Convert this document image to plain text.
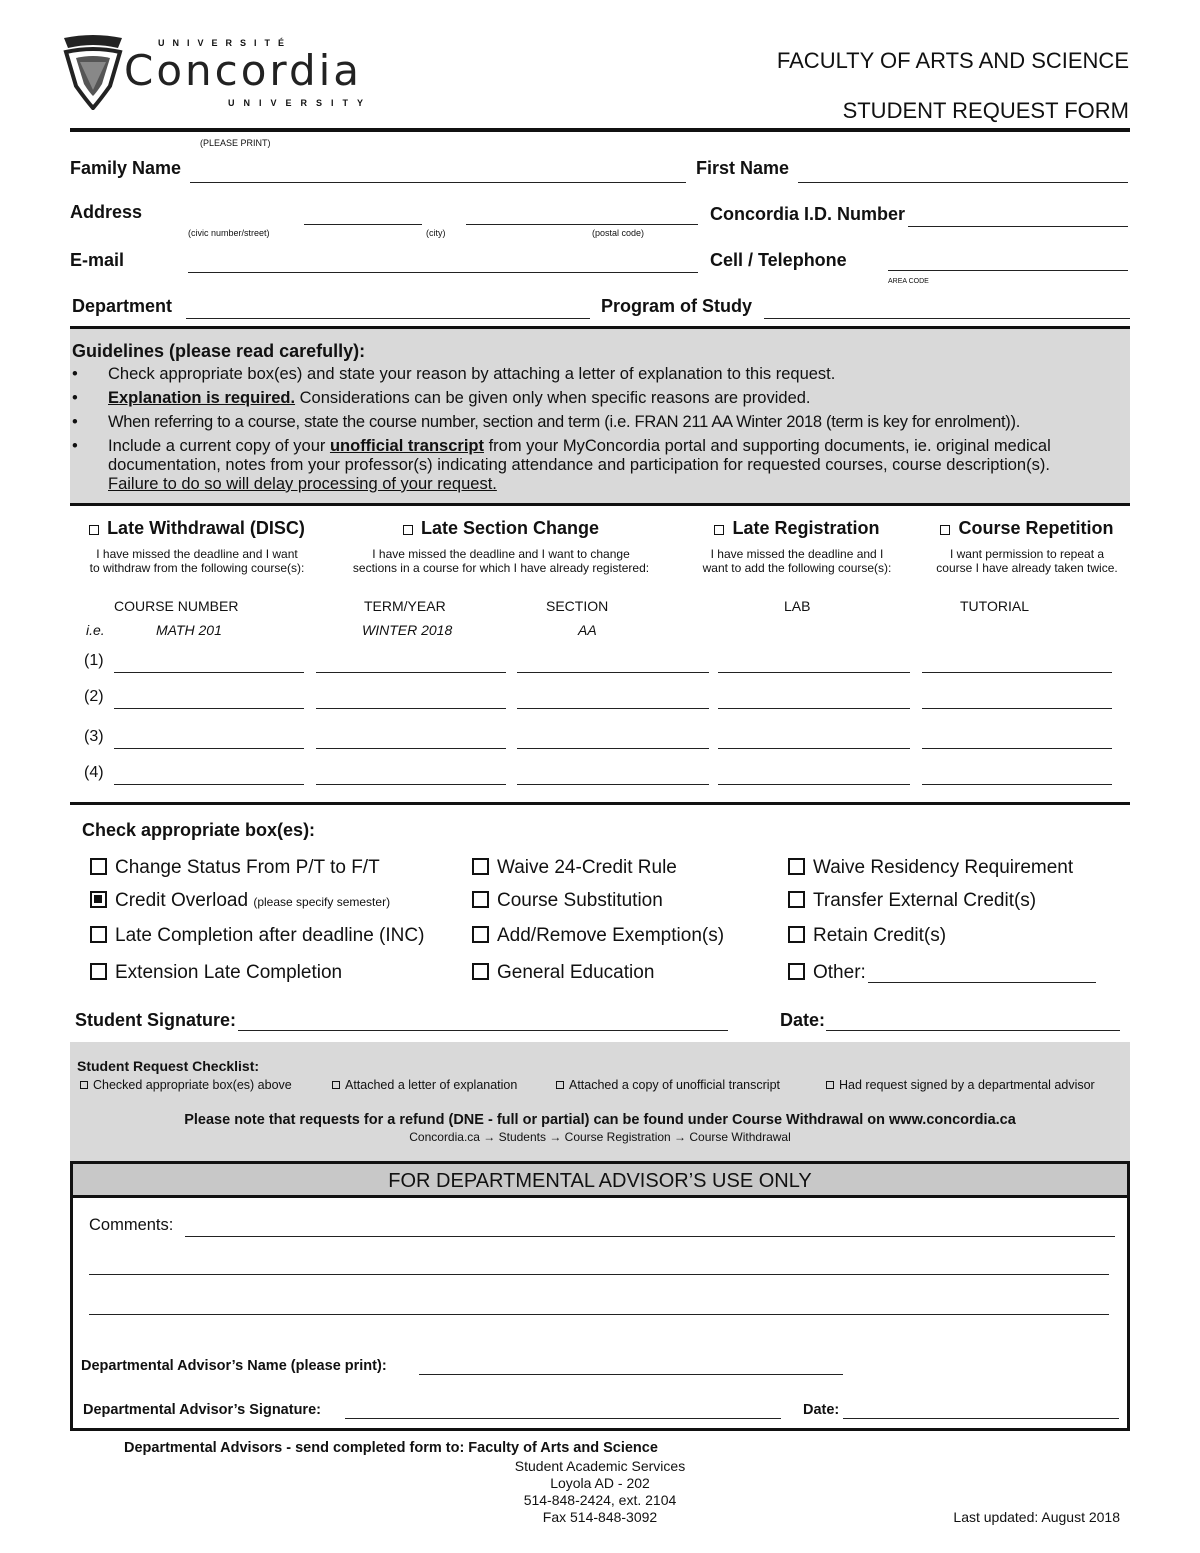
UNIVERSITÉ
Concordia
UNIVERSITY
FACULTY OF ARTS AND SCIENCE
STUDENT REQUEST FORM
(PLEASE PRINT)
Family Name	First Name
Address
(civic number/street)	(city)	(postal code)
Concordia I.D. Number
E-mail	Cell / Telephone
AREA CODE
Department	Program of Study
Guidelines (please read carefully):
• Check appropriate box(es) and state your reason by attaching a letter of explanation to this request.
• Explanation is required. Considerations can be given only when specific reasons are provided.
• When referring to a course, state the course number, section and term (i.e. FRAN 211 AA Winter 2018 (term is key for enrolment)).
• Include a current copy of your unofficial transcript from your MyConcordia portal and supporting documents, ie. original medical documentation, notes from your professor(s) indicating attendance and participation for requested courses, course description(s).
Failure to do so will delay processing of your request.
Late Withdrawal (DISC)
I have missed the deadline and I want
to withdraw from the following course(s):
Late Section Change
I have missed the deadline and I want to change
sections in a course for which I have already registered:
Late Registration
I have missed the deadline and I
want to add the following course(s):
Course Repetition
I want permission to repeat a
course I have already taken twice.
COURSE NUMBER	TERM/YEAR	SECTION	LAB	TUTORIAL
i.e.	MATH 201	WINTER 2018	AA
(1)
(2)
(3)
(4)
Check appropriate box(es):
Change Status From P/T to F/T
Credit Overload (please specify semester)
Late Completion after deadline (INC)
Extension Late Completion
Waive 24-Credit Rule
Course Substitution
Add/Remove Exemption(s)
General Education
Waive Residency Requirement
Transfer External Credit(s)
Retain Credit(s)
Other:
Student Signature:	Date:
Student Request Checklist:
Checked appropriate box(es) above	Attached a letter of explanation	Attached a copy of unofficial transcript	Had request signed by a departmental advisor
Please note that requests for a refund (DNE - full or partial) can be found under Course Withdrawal on www.concordia.ca
Concordia.ca → Students → Course Registration → Course Withdrawal
FOR DEPARTMENTAL ADVISOR’S USE ONLY
Comments:
Departmental Advisor’s Name (please print):
Departmental Advisor’s Signature:	Date:
Departmental Advisors - send completed form to: Faculty of Arts and Science
Student Academic Services
Loyola AD - 202
514-848-2424, ext. 2104
Fax 514-848-3092	Last updated: August 2018
